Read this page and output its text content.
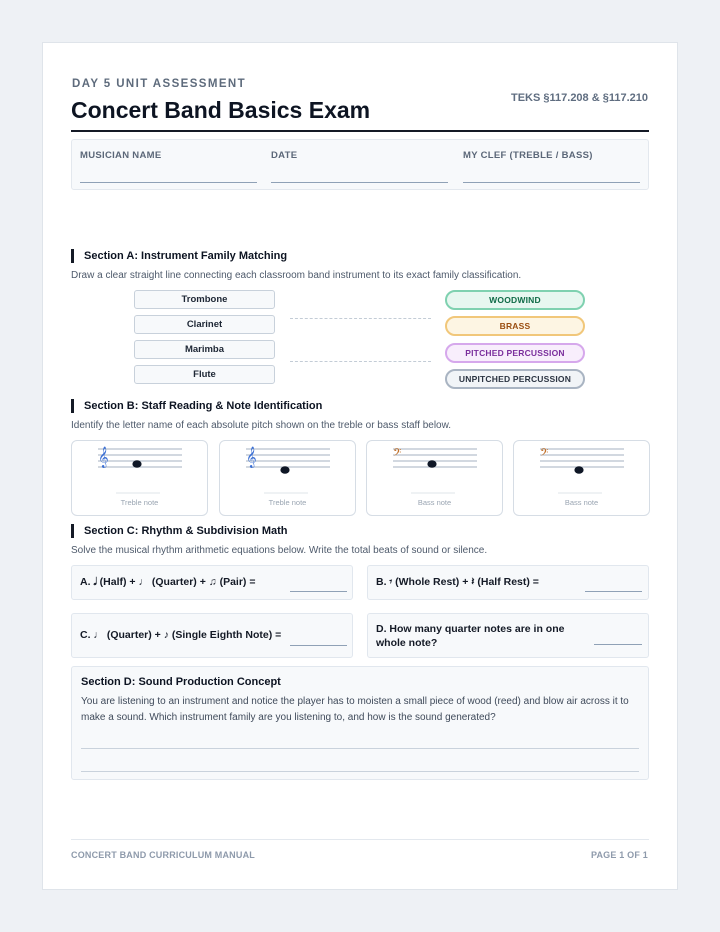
DAY 5 UNIT ASSESSMENT
Concert Band Basics Exam	TEKS §117.208 & §117.210
MUSICIAN NAME	DATE	MY CLEF (TREBLE / BASS)
Section A: Instrument Family Matching
Draw a clear straight line connecting each classroom band instrument to its exact family classification.
Trombone
Clarinet
Marimba
Flute
WOODWIND
BRASS
PITCHED PERCUSSION
UNPITCHED PERCUSSION
Section B: Staff Reading & Note Identification
Identify the letter name of each absolute pitch shown on the treble or bass staff below.
𝄞
Treble note
𝄞
Treble note
𝄢
Bass note
𝄢
Bass note
Section C: Rhythm & Subdivision Math
Solve the musical rhythm arithmetic equations below. Write the total beats of sound or silence.
A. 𝅗𝅥 (Half) + ♩ (Quarter) + ♫ (Pair) =	B. 𝄾 (Whole Rest) + 𝄽 (Half Rest) =
C. ♩ (Quarter) + ♪ (Single Eighth Note) =	D. How many quarter notes are in one whole note?
Section D: Sound Production Concept
You are listening to an instrument and notice the player has to moisten a small piece of wood (reed) and blow air across it to make a sound. Which instrument family are you listening to, and how is the sound generated?
CONCERT BAND CURRICULUM MANUAL	PAGE 1 OF 1
